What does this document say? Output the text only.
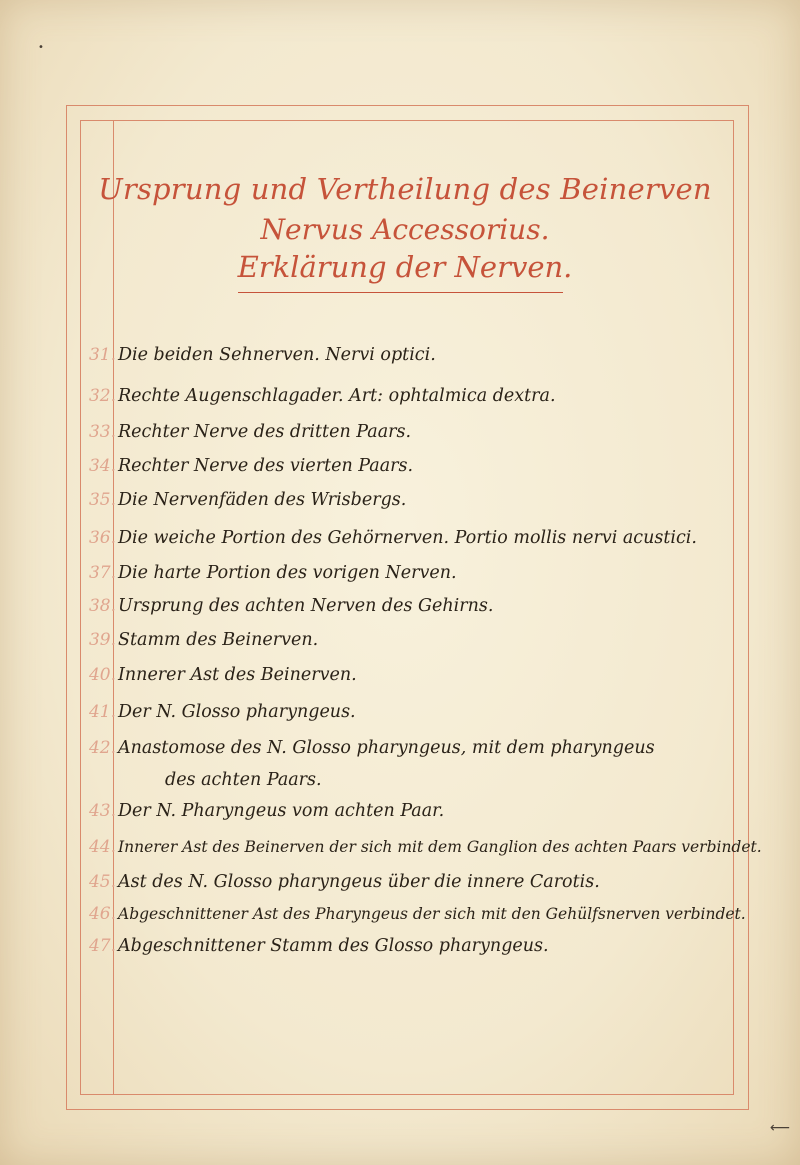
•
Ursprung und Vertheilung des Beinerven
Nervus Accessorius.
Erklärung der Nerven.
31. Die beiden Sehnerven. Nervi optici.
32. Rechte Augenschlagader. Art: ophtalmica dextra.
33. Rechter Nerve des dritten Paars.
34. Rechter Nerve des vierten Paars.
35. Die Nervenfäden des Wrisbergs.
36. Die weiche Portion des Gehörnerven. Portio mollis nervi acustici.
37. Die harte Portion des vorigen Nerven.
38. Ursprung des achten Nerven des Gehirns.
39. Stamm des Beinerven.
40. Innerer Ast des Beinerven.
41. Der N. Glosso pharyngeus.
42. Anastomose des N. Glosso pharyngeus, mit dem pharyngeus
des achten Paars.
43. Der N. Pharyngeus vom achten Paar.
44. Innerer Ast des Beinerven der sich mit dem Ganglion des achten Paars verbindet.
45. Ast des N. Glosso pharyngeus über die innere Carotis.
46. Abgeschnittener Ast des Pharyngeus der sich mit den Gehülfsnerven verbindet.
47. Abgeschnittener Stamm des Glosso pharyngeus.
⟵
